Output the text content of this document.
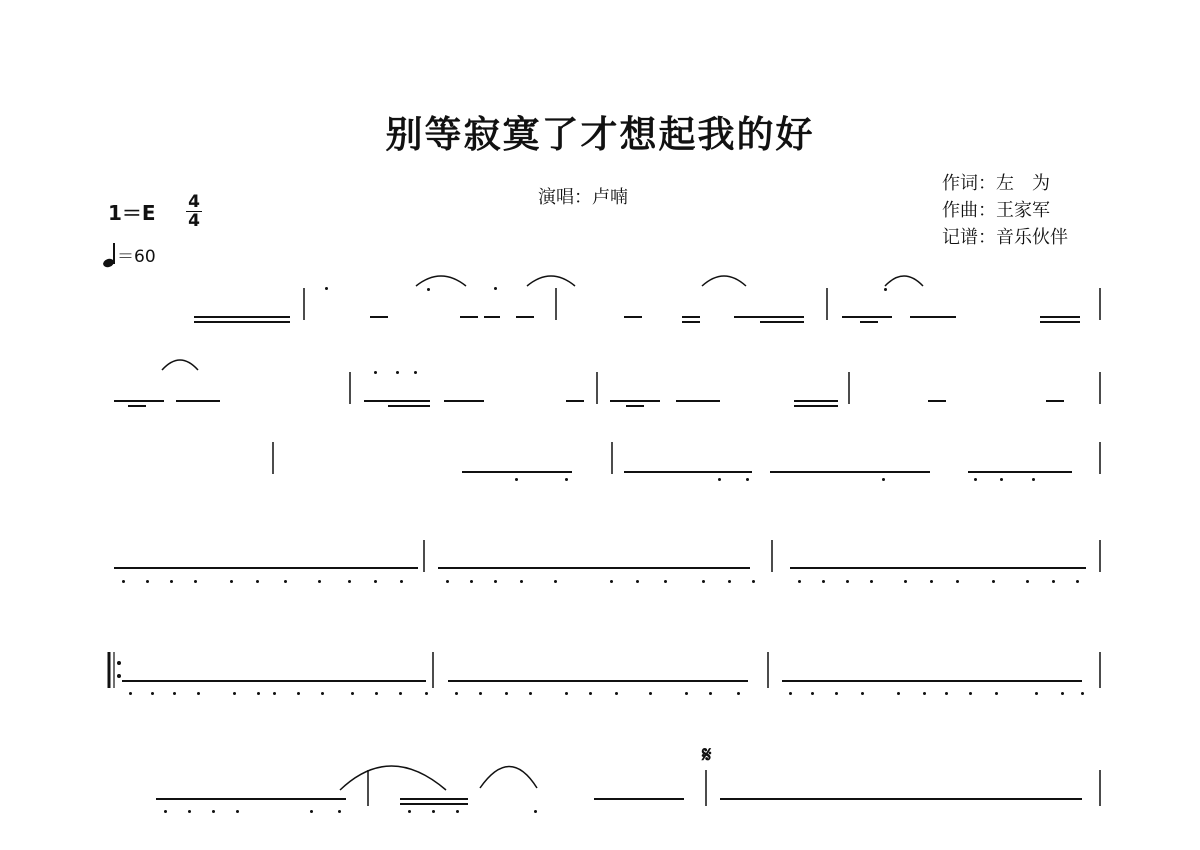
别等寂寞了才想起我的好
演唱：卢喃
作词：左　为
作曲：王家军
记谱：音乐伙伴
1＝E 4
4
＝60
𝄋
